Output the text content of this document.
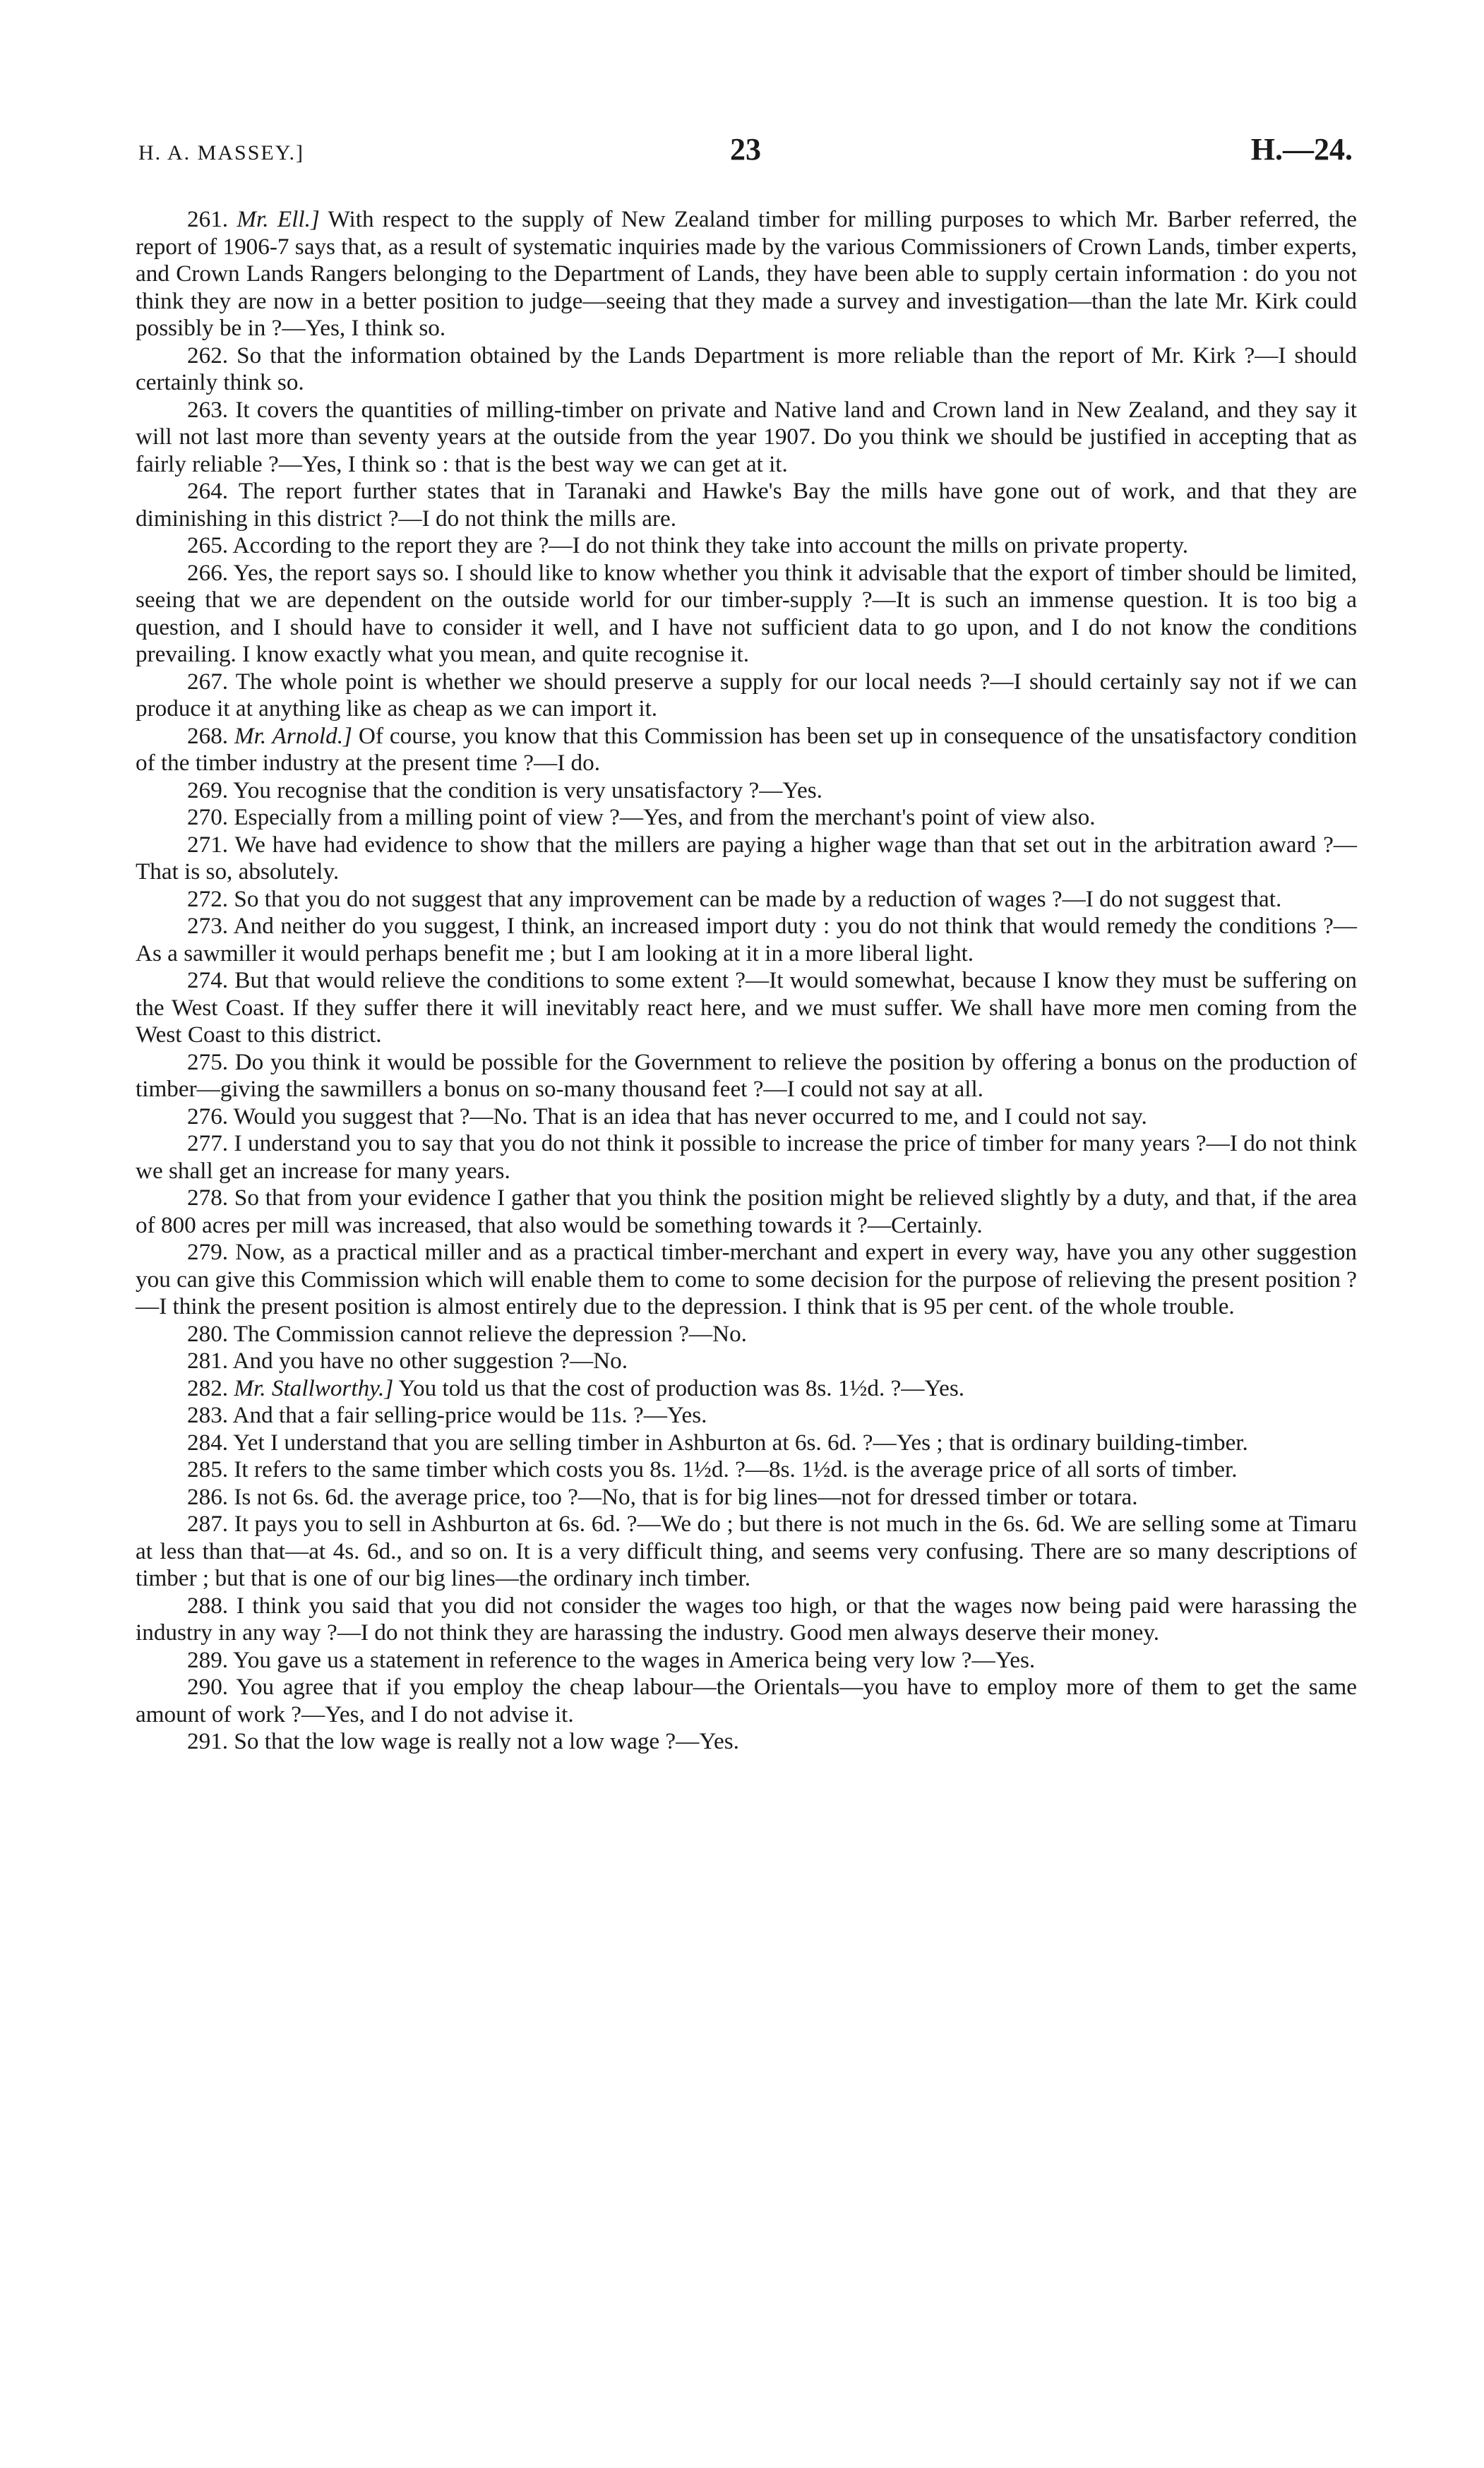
H. A. MASSEY.]	23	H.—24.

261. Mr. Ell.] With respect to the supply of New Zealand timber for milling purposes to which Mr. Barber referred, the report of 1906-7 says that, as a result of systematic inquiries made by the various Commissioners of Crown Lands, timber experts, and Crown Lands Rangers belonging to the Department of Lands, they have been able to supply certain information : do you not think they are now in a better position to judge—seeing that they made a survey and investigation—than the late Mr. Kirk could possibly be in ?—Yes, I think so.

262. So that the information obtained by the Lands Department is more reliable than the report of Mr. Kirk ?—I should certainly think so.

263. It covers the quantities of milling-timber on private and Native land and Crown land in New Zealand, and they say it will not last more than seventy years at the outside from the year 1907. Do you think we should be justified in accepting that as fairly reliable ?—Yes, I think so : that is the best way we can get at it.

264. The report further states that in Taranaki and Hawke's Bay the mills have gone out of work, and that they are diminishing in this district ?—I do not think the mills are.

265. According to the report they are ?—I do not think they take into account the mills on private property.

266. Yes, the report says so. I should like to know whether you think it advisable that the export of timber should be limited, seeing that we are dependent on the outside world for our timber-supply ?—It is such an immense question. It is too big a question, and I should have to consider it well, and I have not sufficient data to go upon, and I do not know the conditions prevailing. I know exactly what you mean, and quite recognise it.

267. The whole point is whether we should preserve a supply for our local needs ?—I should certainly say not if we can produce it at anything like as cheap as we can import it.

268. Mr. Arnold.] Of course, you know that this Commission has been set up in consequence of the unsatisfactory condition of the timber industry at the present time ?—I do.

269. You recognise that the condition is very unsatisfactory ?—Yes.

270. Especially from a milling point of view ?—Yes, and from the merchant's point of view also.

271. We have had evidence to show that the millers are paying a higher wage than that set out in the arbitration award ?—That is so, absolutely.

272. So that you do not suggest that any improvement can be made by a reduction of wages ?—I do not suggest that.

273. And neither do you suggest, I think, an increased import duty : you do not think that would remedy the conditions ?—As a sawmiller it would perhaps benefit me ; but I am looking at it in a more liberal light.

274. But that would relieve the conditions to some extent ?—It would somewhat, because I know they must be suffering on the West Coast. If they suffer there it will inevitably react here, and we must suffer. We shall have more men coming from the West Coast to this district.

275. Do you think it would be possible for the Government to relieve the position by offering a bonus on the production of timber—giving the sawmillers a bonus on so-many thousand feet ?—I could not say at all.

276. Would you suggest that ?—No. That is an idea that has never occurred to me, and I could not say.

277. I understand you to say that you do not think it possible to increase the price of timber for many years ?—I do not think we shall get an increase for many years.

278. So that from your evidence I gather that you think the position might be relieved slightly by a duty, and that, if the area of 800 acres per mill was increased, that also would be something towards it ?—Certainly.

279. Now, as a practical miller and as a practical timber-merchant and expert in every way, have you any other suggestion you can give this Commission which will enable them to come to some decision for the purpose of relieving the present position ?—I think the present position is almost entirely due to the depression. I think that is 95 per cent. of the whole trouble.

280. The Commission cannot relieve the depression ?—No.

281. And you have no other suggestion ?—No.

282. Mr. Stallworthy.] You told us that the cost of production was 8s. 1½d. ?—Yes.

283. And that a fair selling-price would be 11s. ?—Yes.

284. Yet I understand that you are selling timber in Ashburton at 6s. 6d. ?—Yes ; that is ordinary building-timber.

285. It refers to the same timber which costs you 8s. 1½d. ?—8s. 1½d. is the average price of all sorts of timber.

286. Is not 6s. 6d. the average price, too ?—No, that is for big lines—not for dressed timber or totara.

287. It pays you to sell in Ashburton at 6s. 6d. ?—We do ; but there is not much in the 6s. 6d. We are selling some at Timaru at less than that—at 4s. 6d., and so on. It is a very difficult thing, and seems very confusing. There are so many descriptions of timber ; but that is one of our big lines—the ordinary inch timber.

288. I think you said that you did not consider the wages too high, or that the wages now being paid were harassing the industry in any way ?—I do not think they are harassing the industry. Good men always deserve their money.

289. You gave us a statement in reference to the wages in America being very low ?—Yes.

290. You agree that if you employ the cheap labour—the Orientals—you have to employ more of them to get the same amount of work ?—Yes, and I do not advise it.

291. So that the low wage is really not a low wage ?—Yes.
